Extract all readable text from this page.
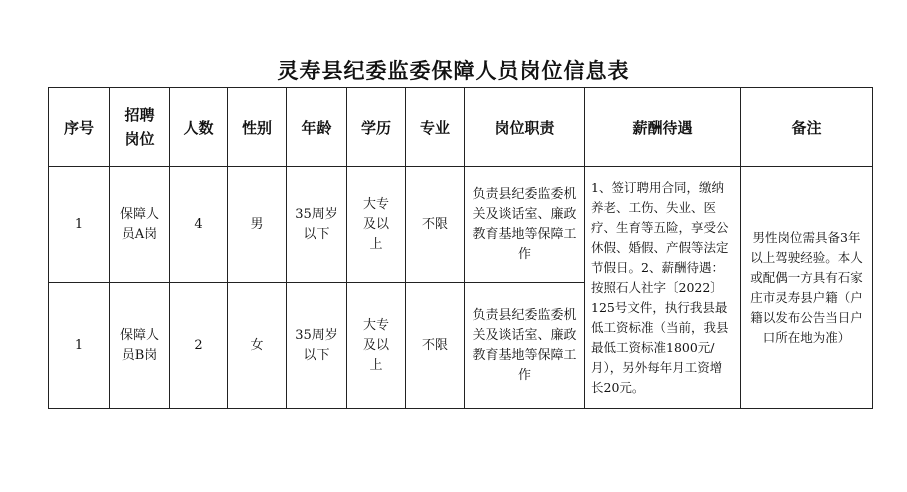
灵寿县纪委监委保障人员岗位信息表
序号	招聘岗位	人数	性别	年龄	学历	专业	岗位职责	薪酬待遇	备注
1	保障人员A岗	4	男	35周岁以下	大专及以上	不限	负责县纪委监委机关及谈话室、廉政教育基地等保障工作	1、签订聘用合同，缴纳养老、工伤、失业、医疗、生育等五险，享受公休假、婚假、产假等法定节假日。2、薪酬待遇：按照石人社字〔2022〕125号文件，执行我县最低工资标准（当前，我县最低工资标准1800元/月），另外每年月工资增长20元。	男性岗位需具备3年以上驾驶经验。本人或配偶一方具有石家庄市灵寿县户籍（户籍以发布公告当日户口所在地为准）
1	保障人员B岗	2	女	35周岁以下	大专及以上	不限	负责县纪委监委机关及谈话室、廉政教育基地等保障工作		
